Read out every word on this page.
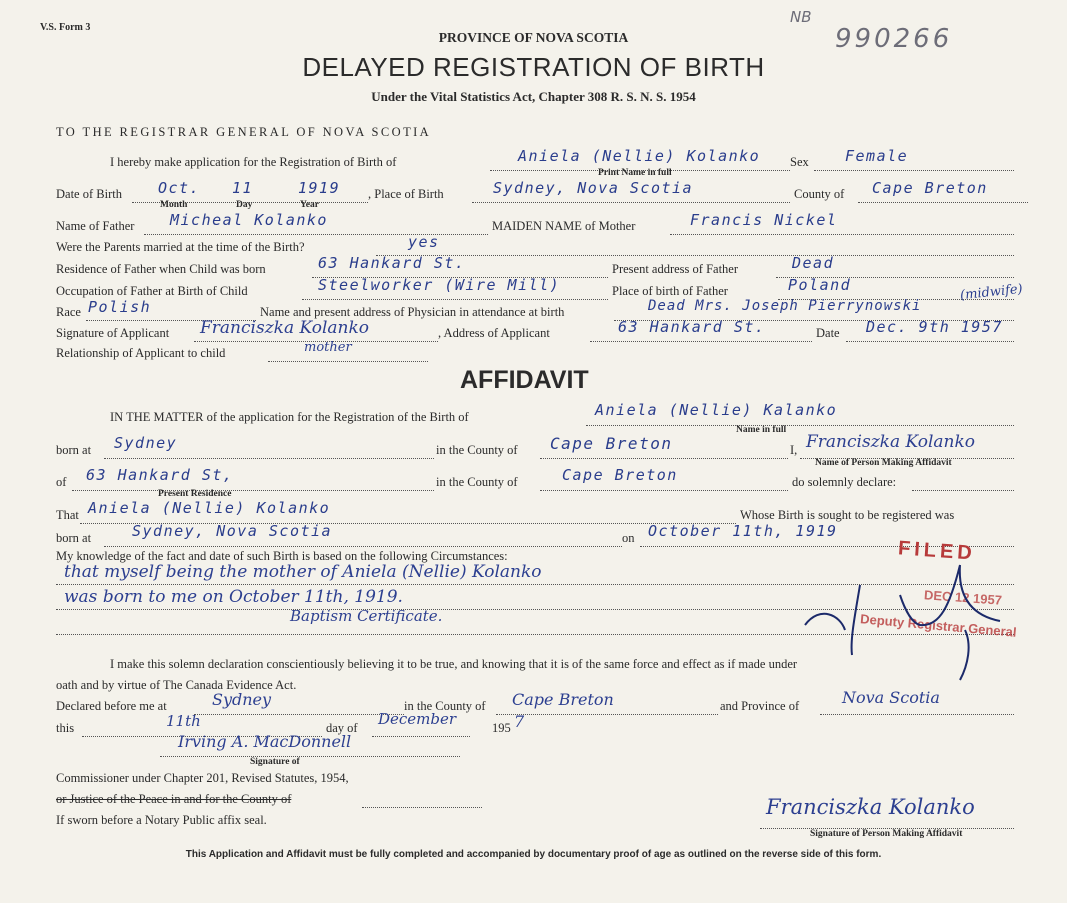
V.S. Form 3
PROVINCE OF NOVA SCOTIA
DELAYED REGISTRATION OF BIRTH
Under the Vital Statistics Act, Chapter 308 R. S. N. S. 1954
NB
990266
TO THE REGISTRAR GENERAL OF NOVA SCOTIA
I hereby make application for the Registration of Birth of	Aniela (Nellie) Kolanko
Print Name in full
Sex Female
Date of Birth Oct. 11	1919
Month	Day	Year
, Place of Birth	Sydney, Nova Scotia	County of Cape Breton
Name of Father Micheal Kolanko	MAIDEN NAME of Mother	Francis Nickel
Were the Parents married at the time of the Birth?	yes
Residence of Father when Child was born	63 Hankard St.	Present address of Father	Dead
Occupation of Father at Birth of Child	Steelworker (Wire Mill)	Place of birth of Father	Poland
Race Polish	Name and present address of Physician in attendance at birth	Dead Mrs. Joseph Pierrynowski
(midwife)
Signature of Applicant Franciszka Kolanko	, Address of Applicant	63 Hankard St.	Date Dec. 9th 1957
Relationship of Applicant to child	mother
AFFIDAVIT
IN THE MATTER of the application for the Registration of the Birth of	Aniela (Nellie) Kalanko
Name in full
born at Sydney	in the County of Cape Breton	I, Franciszka Kolanko
Name of Person Making Affidavit
of 63 Hankard St,
Present Residence
in the County of	Cape Breton	do solemnly declare:
That Aniela (Nellie) Kolanko	Whose Birth is sought to be registered was
born at	Sydney, Nova Scotia	on October 11th, 1919
My knowledge of the fact and date of such Birth is based on the following Circumstances:
that myself being the mother of Aniela (Nellie) Kolanko
was born to me on October 11th, 1919.
Baptism Certificate.
FILED
DEC 12 1957
Deputy Registrar General
I make this solemn declaration conscientiously believing it to be true, and knowing that it is of the same force and effect as if made under
oath and by virtue of The Canada Evidence Act.
Declared before me at	Sydney	in the County of Cape Breton	and Province of	Nova Scotia
this	11th	day of December	195 7
Irving A. MacDonnell
Signature of
Commissioner under Chapter 201, Revised Statutes, 1954,
or Justice of the Peace in and for the County of
If sworn before a Notary Public affix seal.
Franciszka Kolanko
Signature of Person Making Affidavit
This Application and Affidavit must be fully completed and accompanied by documentary proof of age as outlined on the reverse side of this form.
